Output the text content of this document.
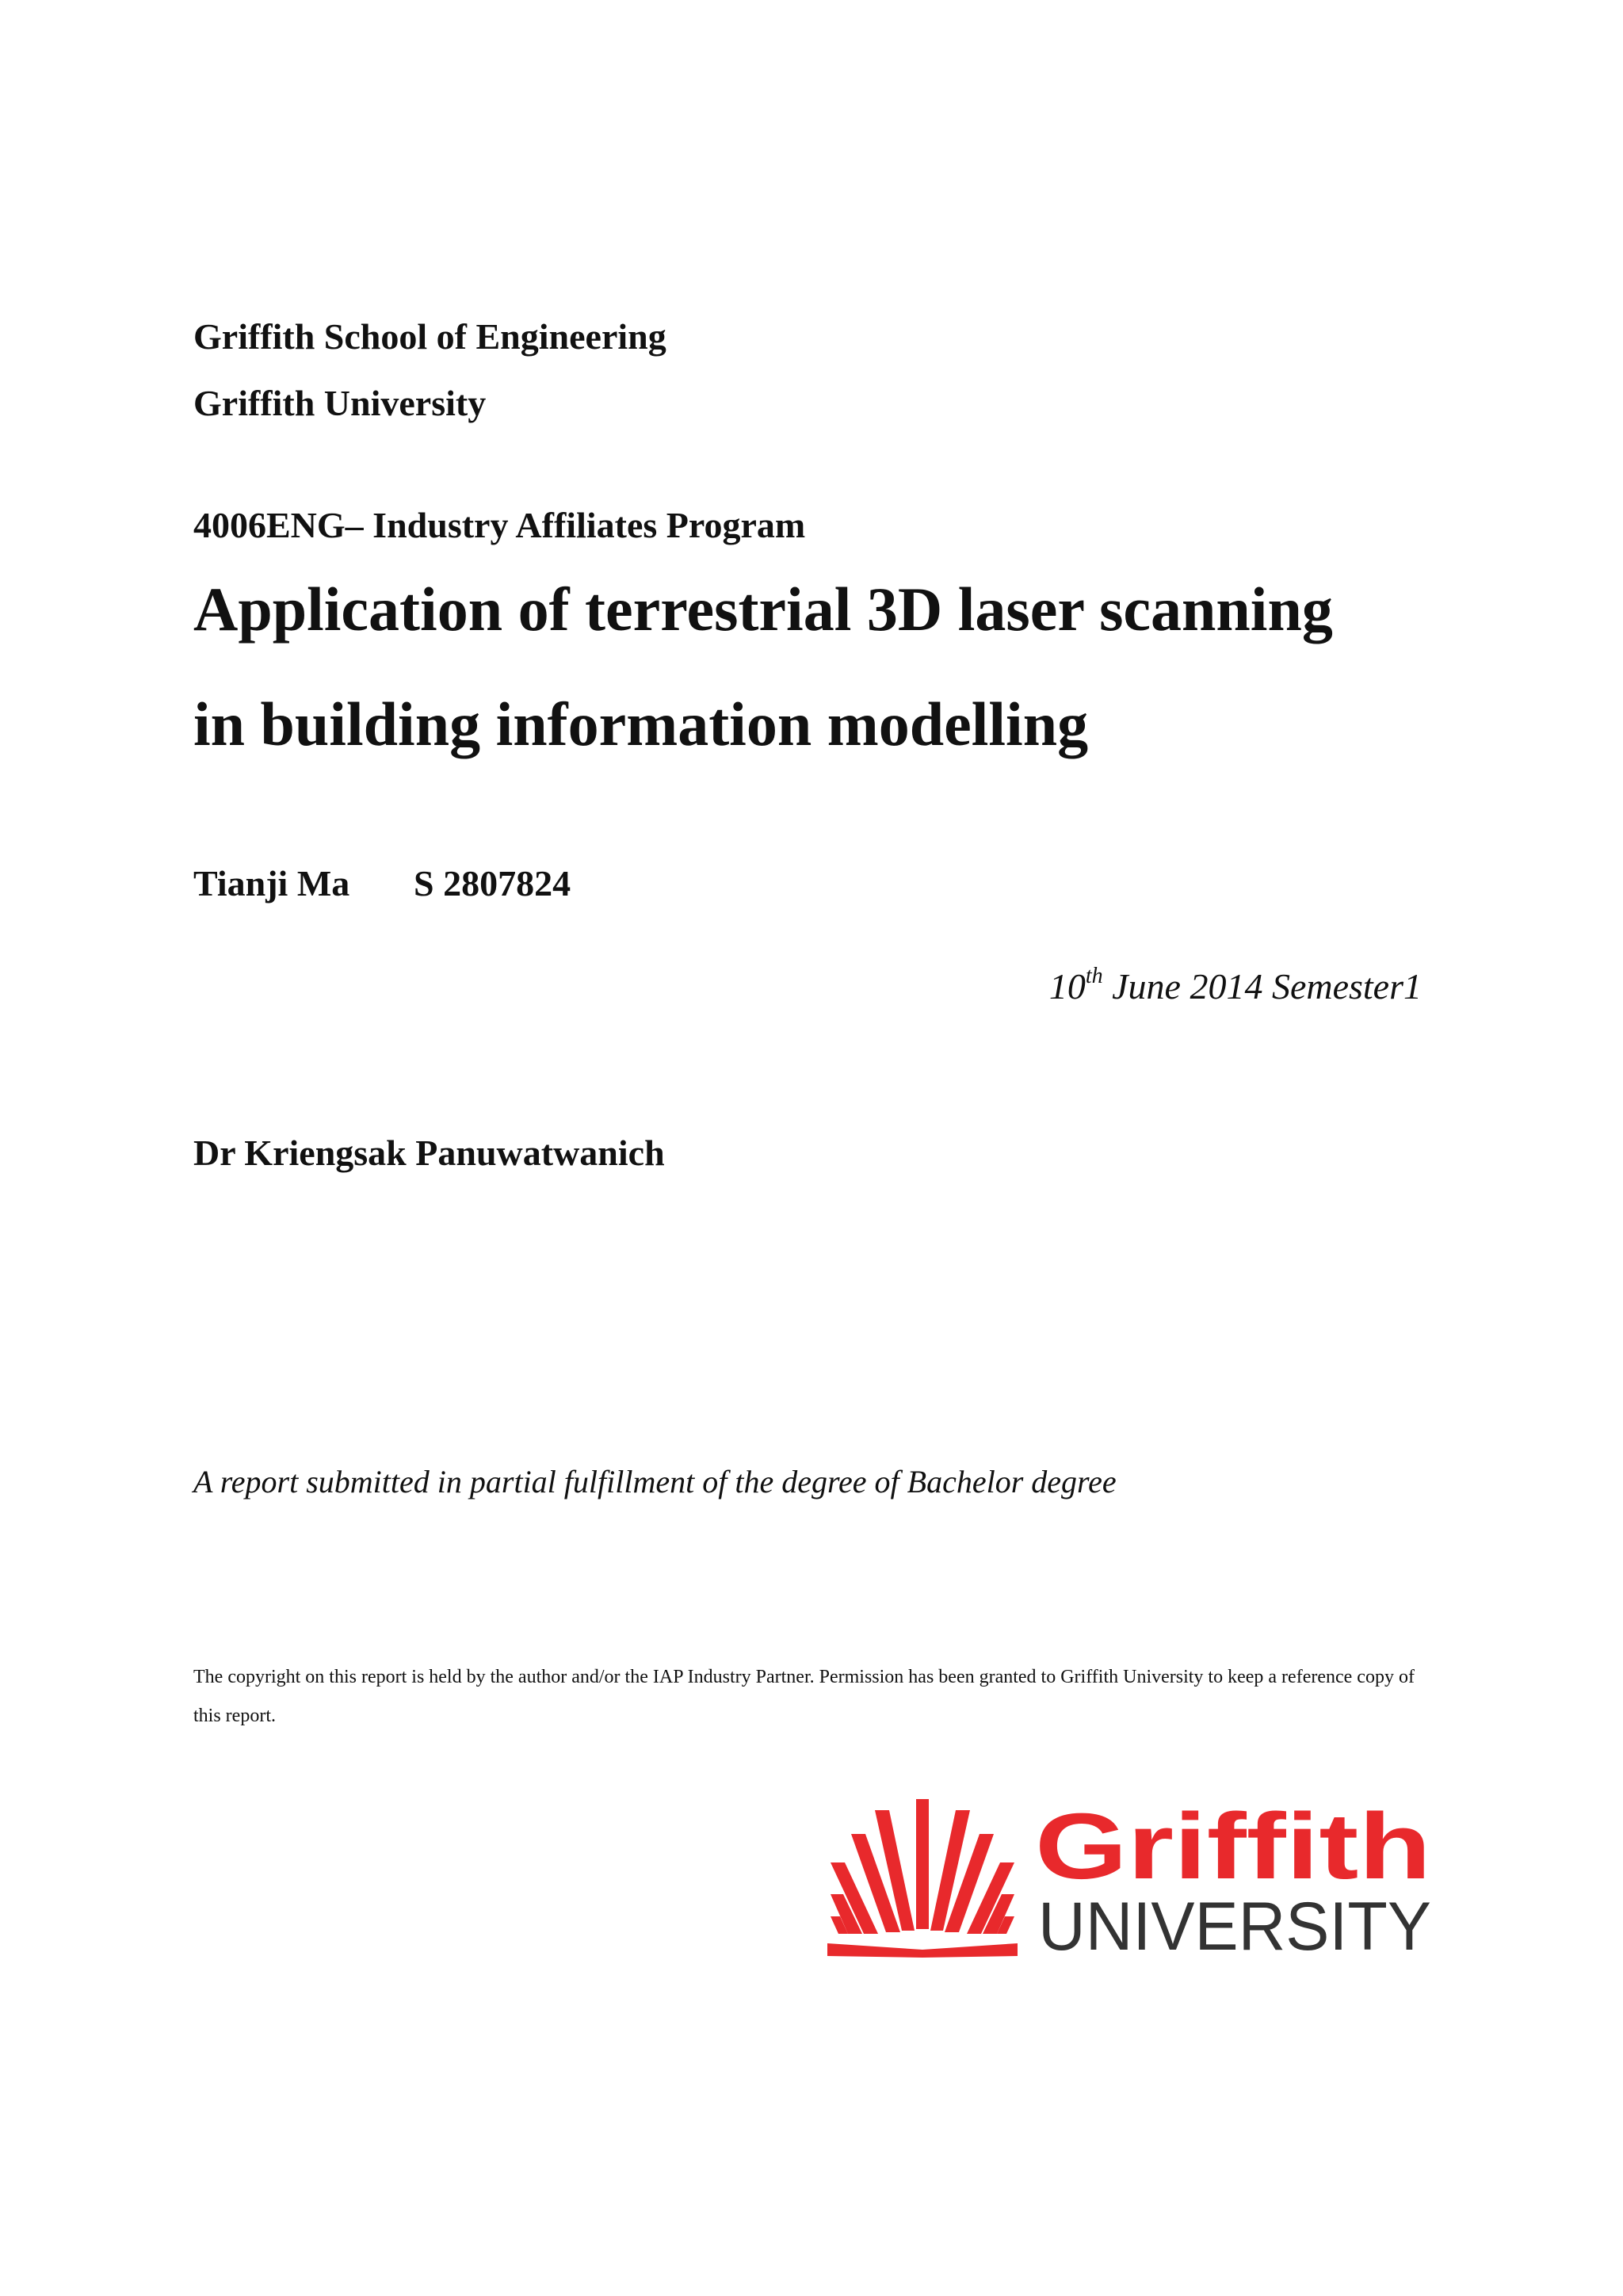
Griffith School of Engineering
Griffith University
4006ENG– Industry Affiliates Program
Application of terrestrial 3D laser scanning
in building information modelling
Tianji Ma S 2807824
10th June 2014 Semester1
Dr Kriengsak Panuwatwanich
A report submitted in partial fulfillment of the degree of Bachelor degree
The copyright on this report is held by the author and/or the IAP Industry Partner. Permission has been granted to Griffith University to keep a reference copy of this report.
Griffith
UNIVERSITY
